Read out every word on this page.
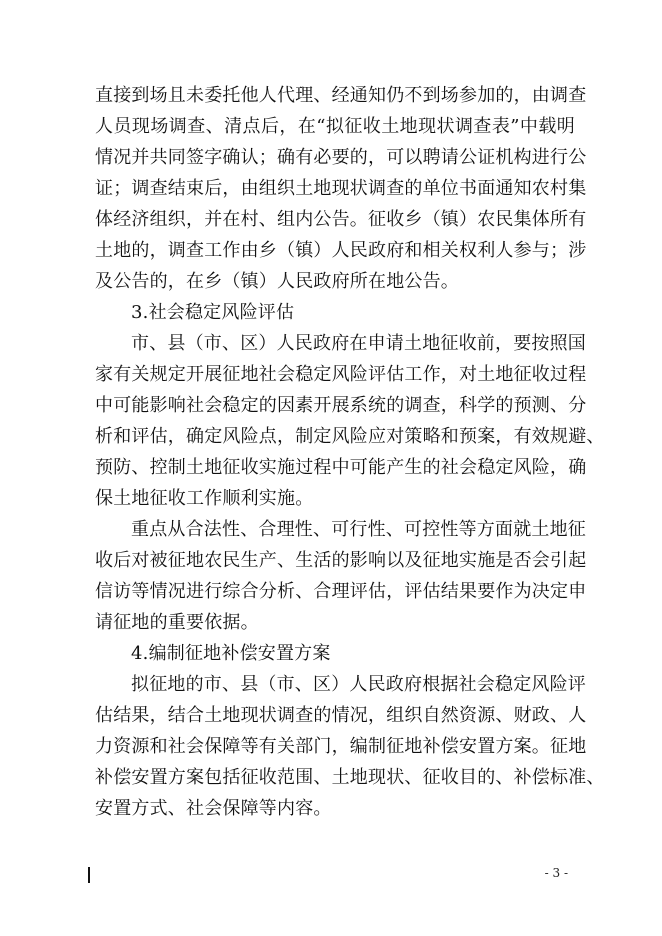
直接到场且未委托他人代理、经通知仍不到场参加的，由调查
人员现场调查、清点后，在“拟征收土地现状调查表”中载明
情况并共同签字确认；确有必要的，可以聘请公证机构进行公
证；调查结束后，由组织土地现状调查的单位书面通知农村集
体经济组织，并在村、组内公告。征收乡（镇）农民集体所有
土地的，调查工作由乡（镇）人民政府和相关权利人参与；涉
及公告的，在乡（镇）人民政府所在地公告。
3.社会稳定风险评估
市、县（市、区）人民政府在申请土地征收前，要按照国
家有关规定开展征地社会稳定风险评估工作，对土地征收过程
中可能影响社会稳定的因素开展系统的调查，科学的预测、分
析和评估，确定风险点，制定风险应对策略和预案，有效规避、
预防、控制土地征收实施过程中可能产生的社会稳定风险，确
保土地征收工作顺利实施。
重点从合法性、合理性、可行性、可控性等方面就土地征
收后对被征地农民生产、生活的影响以及征地实施是否会引起
信访等情况进行综合分析、合理评估，评估结果要作为决定申
请征地的重要依据。
4.编制征地补偿安置方案
拟征地的市、县（市、区）人民政府根据社会稳定风险评
估结果，结合土地现状调查的情况，组织自然资源、财政、人
力资源和社会保障等有关部门，编制征地补偿安置方案。征地
补偿安置方案包括征收范围、土地现状、征收目的、补偿标准、
安置方式、社会保障等内容。
- 3 -
